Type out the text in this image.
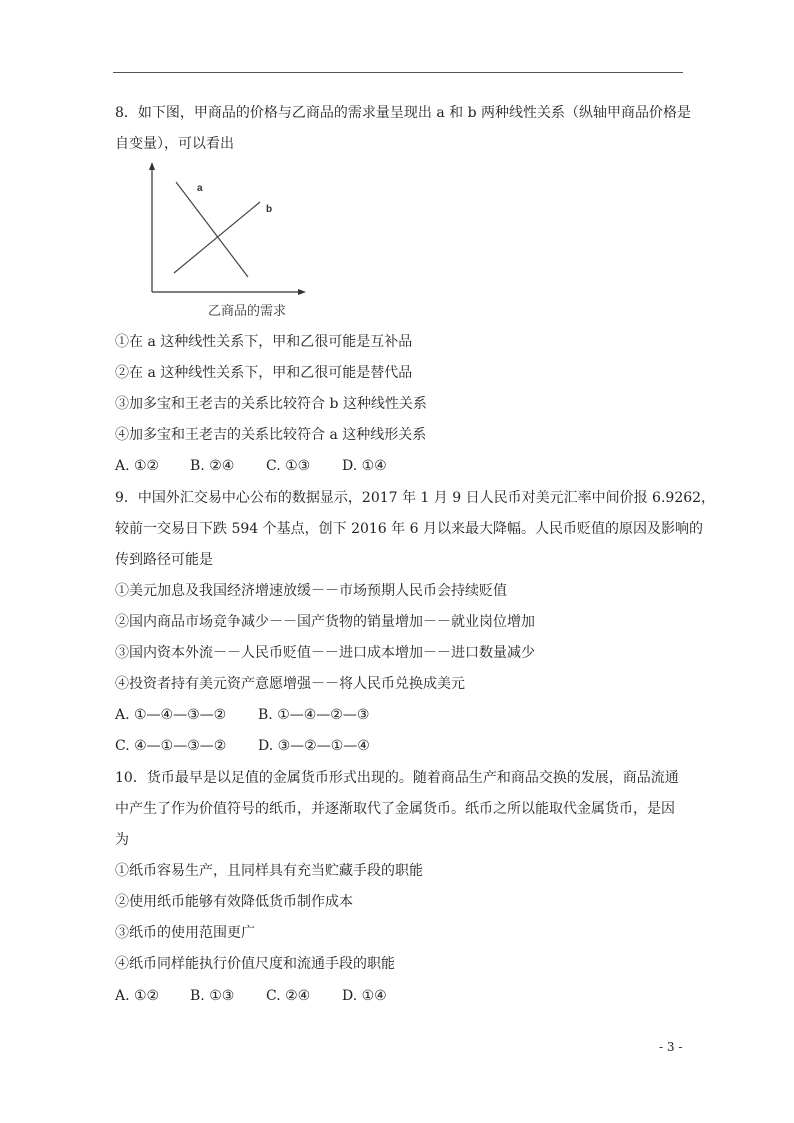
8．如下图，甲商品的价格与乙商品的需求量呈现出 a 和 b 两种线性关系（纵轴甲商品价格是
自变量），可以看出
a
b
乙商品的需求
①在 a 这种线性关系下，甲和乙很可能是互补品
②在 a 这种线性关系下，甲和乙很可能是替代品
③加多宝和王老吉的关系比较符合 b 这种线性关系
④加多宝和王老吉的关系比较符合 a 这种线形关系
A. ①② B. ②④ C. ①③ D. ①④
9．中国外汇交易中心公布的数据显示，2017 年 1 月 9 日人民币对美元汇率中间价报 6.9262，
较前一交易日下跌 594 个基点，创下 2016 年 6 月以来最大降幅。人民币贬值的原因及影响的
传到路径可能是
①美元加息及我国经济增速放缓－－市场预期人民币会持续贬值
②国内商品市场竞争减少－－国产货物的销量增加－－就业岗位增加
③国内资本外流－－人民币贬值－－进口成本增加－－进口数量减少
④投资者持有美元资产意愿增强－－将人民币兑换成美元
A. ①—④—③—② B. ①—④—②—③
C. ④—①—③—② D. ③—②—①—④
10．货币最早是以足值的金属货币形式出现的。随着商品生产和商品交换的发展，商品流通
中产生了作为价值符号的纸币，并逐渐取代了金属货币。纸币之所以能取代金属货币，是因
为
①纸币容易生产，且同样具有充当贮藏手段的职能
②使用纸币能够有效降低货币制作成本
③纸币的使用范围更广
④纸币同样能执行价值尺度和流通手段的职能
A. ①② B. ①③ C. ②④ D. ①④
- 3 -
